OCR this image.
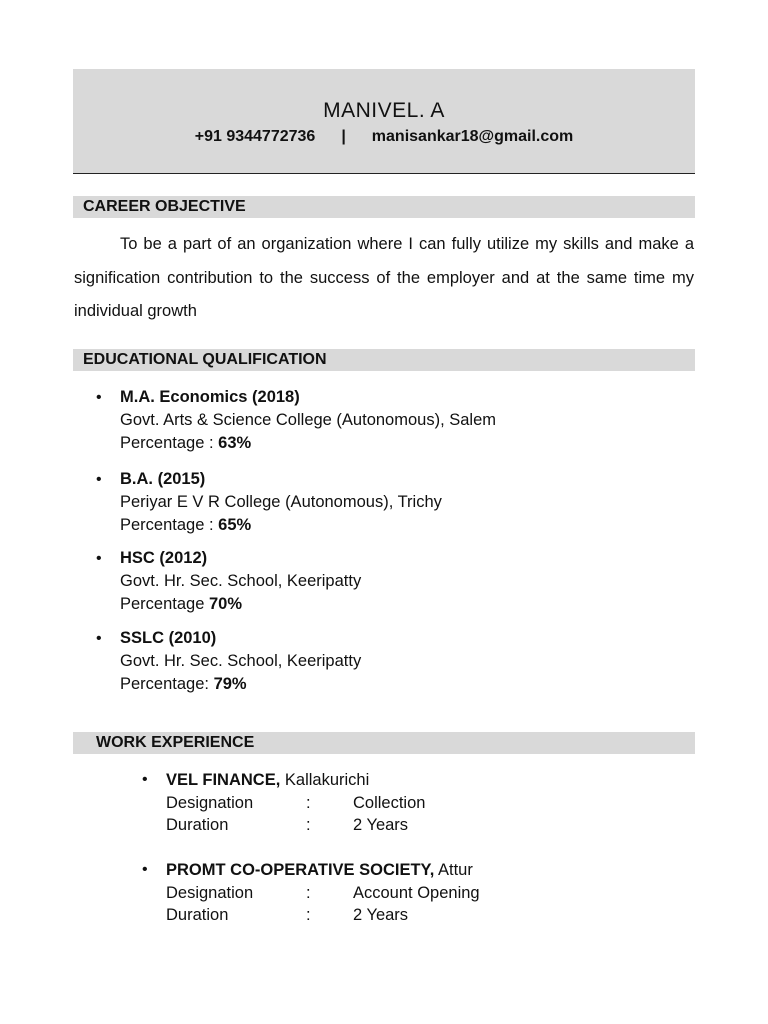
MANIVEL. A
+91 9344772736 | manisankar18@gmail.com
CAREER OBJECTIVE
To be a part of an organization where I can fully utilize my skills and make a signification contribution to the success of the employer and at the same time my individual growth
EDUCATIONAL QUALIFICATION
• M.A. Economics (2018)
Govt. Arts & Science College (Autonomous), Salem
Percentage : 63%
• B.A. (2015)
Periyar E V R College (Autonomous), Trichy
Percentage : 65%
• HSC (2012)
Govt. Hr. Sec. School, Keeripatty
Percentage 70%
• SSLC (2010)
Govt. Hr. Sec. School, Keeripatty
Percentage: 79%
WORK EXPERIENCE
• VEL FINANCE, Kallakurichi
Designation	:	Collection
Duration	:	2 Years
• PROMT CO-OPERATIVE SOCIETY, Attur
Designation	:	Account Opening
Duration	:	2 Years
